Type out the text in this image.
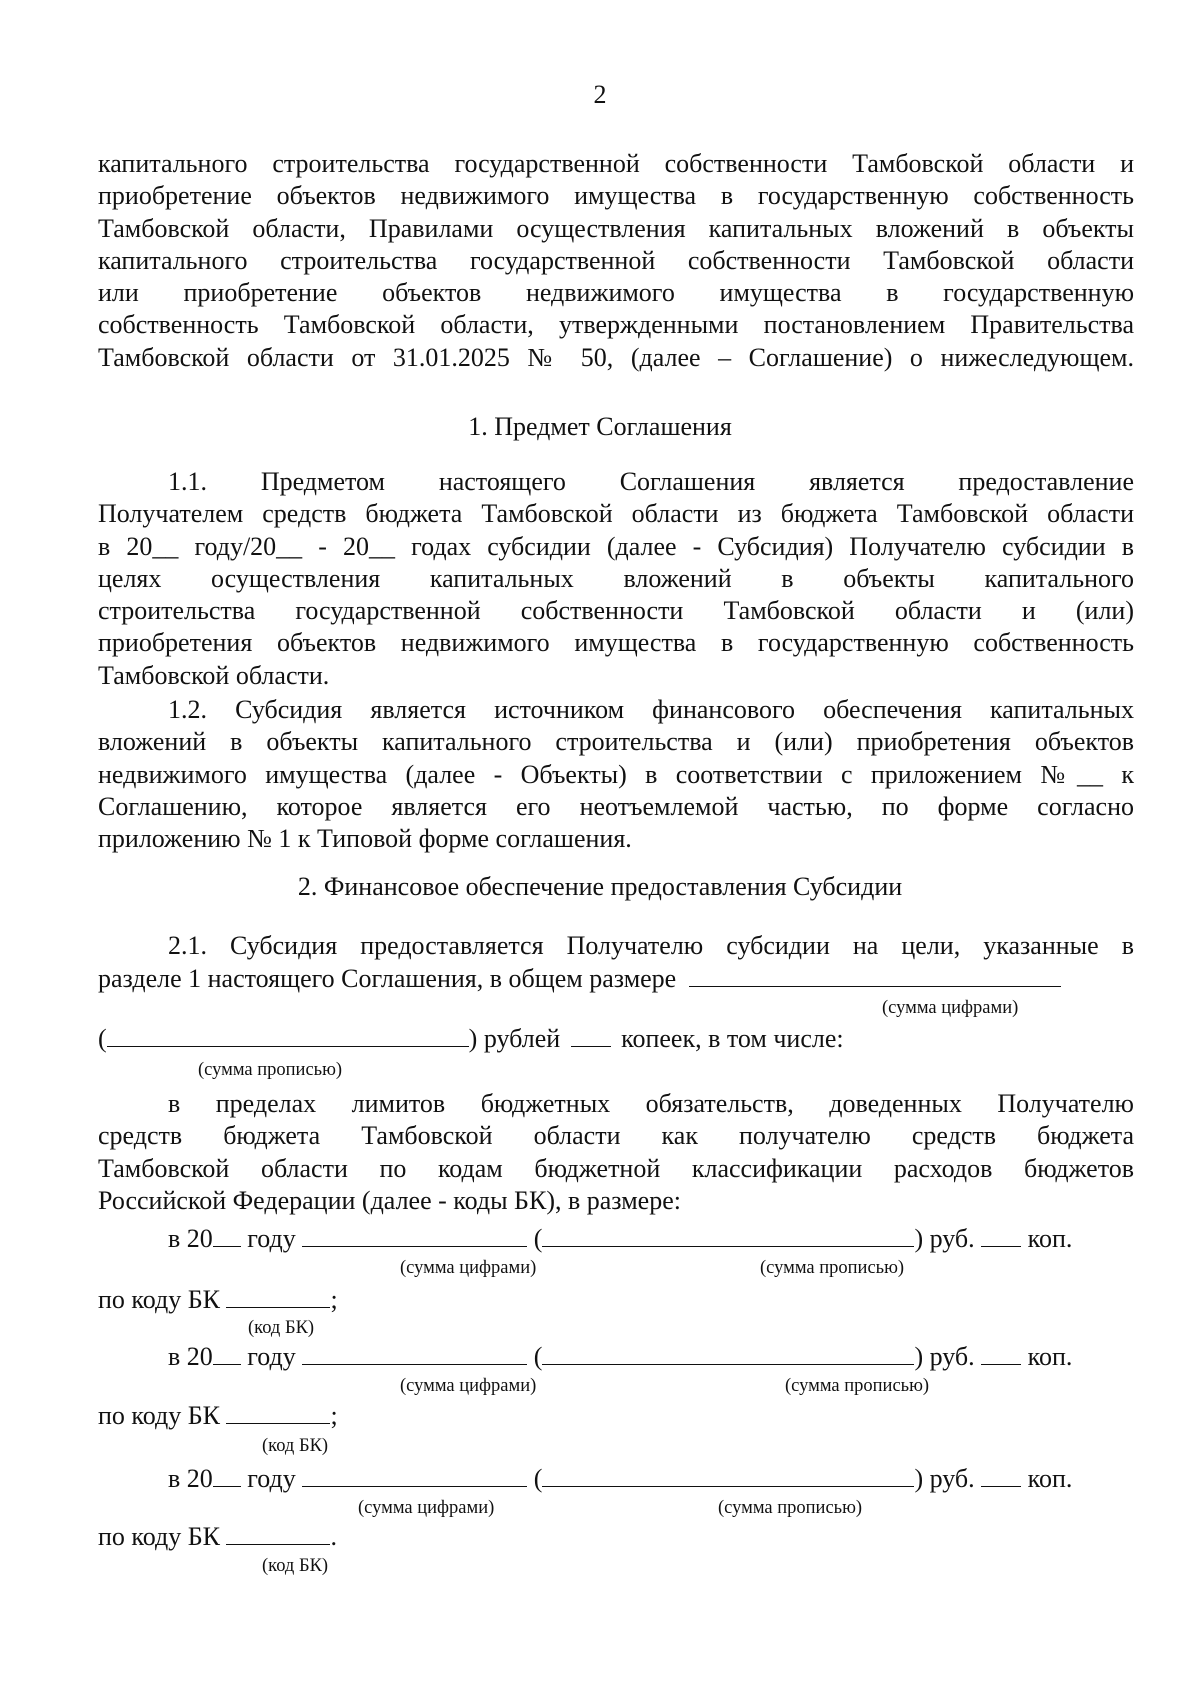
2
капитального строительства государственной собственности Тамбовской области и
приобретение объектов недвижимого имущества в государственную собственность
Тамбовской области, Правилами осуществления капитальных вложений в объекты
капитального строительства государственной собственности Тамбовской области
или приобретение объектов недвижимого имущества в государственную
собственность Тамбовской области, утвержденными постановлением Правительства
Тамбовской области от 31.01.2025 № 50, (далее – Соглашение) о нижеследующем.
1. Предмет Соглашения
1.1. Предметом настоящего Соглашения является предоставление
Получателем средств бюджета Тамбовской области из бюджета Тамбовской области
в 20__ году/20__ - 20__ годах субсидии (далее - Субсидия) Получателю субсидии в
целях осуществления капитальных вложений в объекты капитального
строительства государственной собственности Тамбовской области и (или)
приобретения объектов недвижимого имущества в государственную собственность
Тамбовской области.
1.2. Субсидия является источником финансового обеспечения капитальных
вложений в объекты капитального строительства и (или) приобретения объектов
недвижимого имущества (далее - Объекты) в соответствии с приложением №__ к
Соглашению, которое является его неотъемлемой частью, по форме согласно
приложению № 1 к Типовой форме соглашения.
2. Финансовое обеспечение предоставления Субсидии
2.1. Субсидия предоставляется Получателю субсидии на цели, указанные в
разделе 1 настоящего Соглашения, в общем размере
(сумма цифрами)
(	) рублей копеек, в том числе:
(сумма прописью)
в пределах лимитов бюджетных обязательств, доведенных Получателю
средств бюджета Тамбовской области как получателю средств бюджета
Тамбовской области по кодам бюджетной классификации расходов бюджетов
Российской Федерации (далее - коды БК), в размере:
в 20 году	(	) руб. коп.
(сумма цифрами)	(сумма прописью)
по коду БК	;
(код БК)
в 20 году	(	) руб. коп.
(сумма цифрами)	(сумма прописью)
по коду БК	;
(код БК)
в 20 году	(	) руб. коп.
(сумма цифрами)	(сумма прописью)
по коду БК	.
(код БК)
